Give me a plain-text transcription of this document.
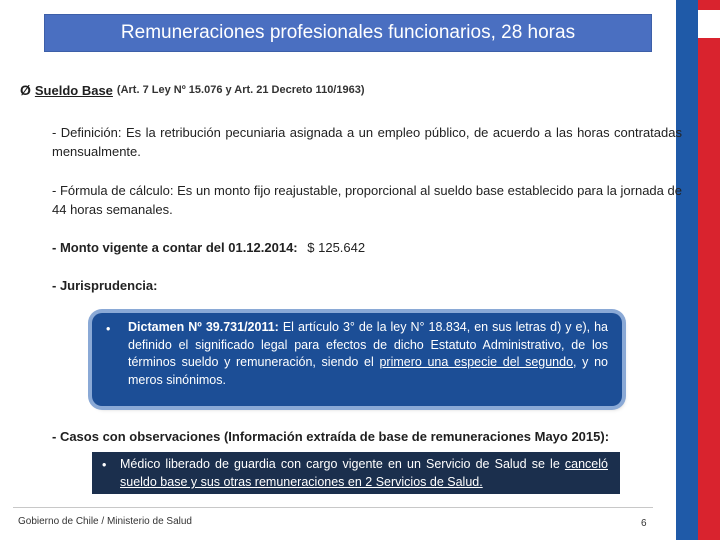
Remuneraciones profesionales funcionarios, 28 horas
Ø Sueldo Base (Art. 7 Ley Nº 15.076 y Art. 21 Decreto 110/1963)
- Definición: Es la retribución pecuniaria asignada a un empleo público, de acuerdo a las horas contratadas mensualmente.
- Fórmula de cálculo: Es un monto fijo reajustable, proporcional al sueldo base establecido para la jornada de 44 horas semanales.
- Monto vigente a contar del 01.12.2014: $ 125.642
- Jurisprudencia:
• Dictamen Nº 39.731/2011: El artículo 3° de la ley N° 18.834, en sus letras d) y e), ha definido el significado legal para efectos de dicho Estatuto Administrativo, de los términos sueldo y remuneración, siendo el primero una especie del segundo, y no meros sinónimos.
- Casos con observaciones (Información extraída de base de remuneraciones Mayo 2015):
• Médico liberado de guardia con cargo vigente en un Servicio de Salud se le canceló sueldo base y sus otras remuneraciones en 2 Servicios de Salud.
Gobierno de Chile / Ministerio de Salud	6
